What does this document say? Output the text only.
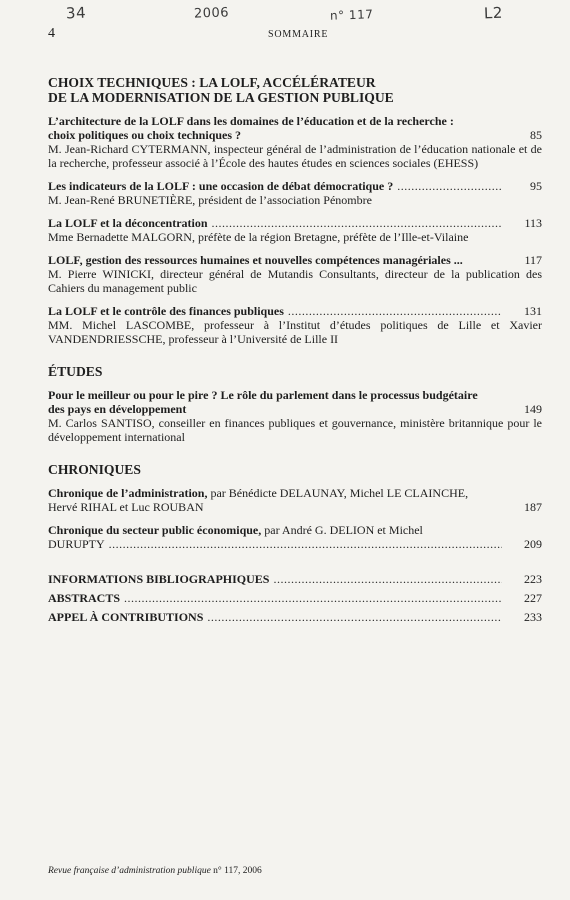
34	2006	n° 117	L2
4	SOMMAIRE
CHOIX TECHNIQUES : LA LOLF, ACCÉLÉRATEUR
DE LA MODERNISATION DE LA GESTION PUBLIQUE
L’architecture de la LOLF dans les domaines de l’éducation et de la recherche :
choix politiques ou choix techniques ?	85
M. Jean-Richard CYTERMANN, inspecteur général de l’administration de l’éducation nationale et de la recherche, professeur associé à l’École des hautes études en sciences sociales (EHESS)
Les indicateurs de la LOLF : une occasion de débat démocratique ? .....	95
M. Jean-René BRUNETIÈRE, président de l’association Pénombre
La LOLF et la déconcentration .....	113
Mme Bernadette MALGORN, préfète de la région Bretagne, préfète de l’Ille-et-Vilaine
LOLF, gestion des ressources humaines et nouvelles compétences managériales ...	117
M. Pierre WINICKI, directeur général de Mutandis Consultants, directeur de la publication des Cahiers du management public
La LOLF et le contrôle des finances publiques .....	131
MM. Michel LASCOMBE, professeur à l’Institut d’études politiques de Lille et Xavier VANDENDRIESSCHE, professeur à l’Université de Lille II
ÉTUDES
Pour le meilleur ou pour le pire ? Le rôle du parlement dans le processus budgétaire
des pays en développement	149
M. Carlos SANTISO, conseiller en finances publiques et gouvernance, ministère britannique pour le développement international
CHRONIQUES
Chronique de l’administration, par Bénédicte DELAUNAY, Michel LE CLAINCHE,
Hervé RIHAL et Luc ROUBAN	187
Chronique du secteur public économique, par André G. DELION et Michel
DURUPTY .....	209
INFORMATIONS BIBLIOGRAPHIQUES .....	223
ABSTRACTS .....	227
APPEL À CONTRIBUTIONS .....	233
Revue française d’administration publique n° 117, 2006
